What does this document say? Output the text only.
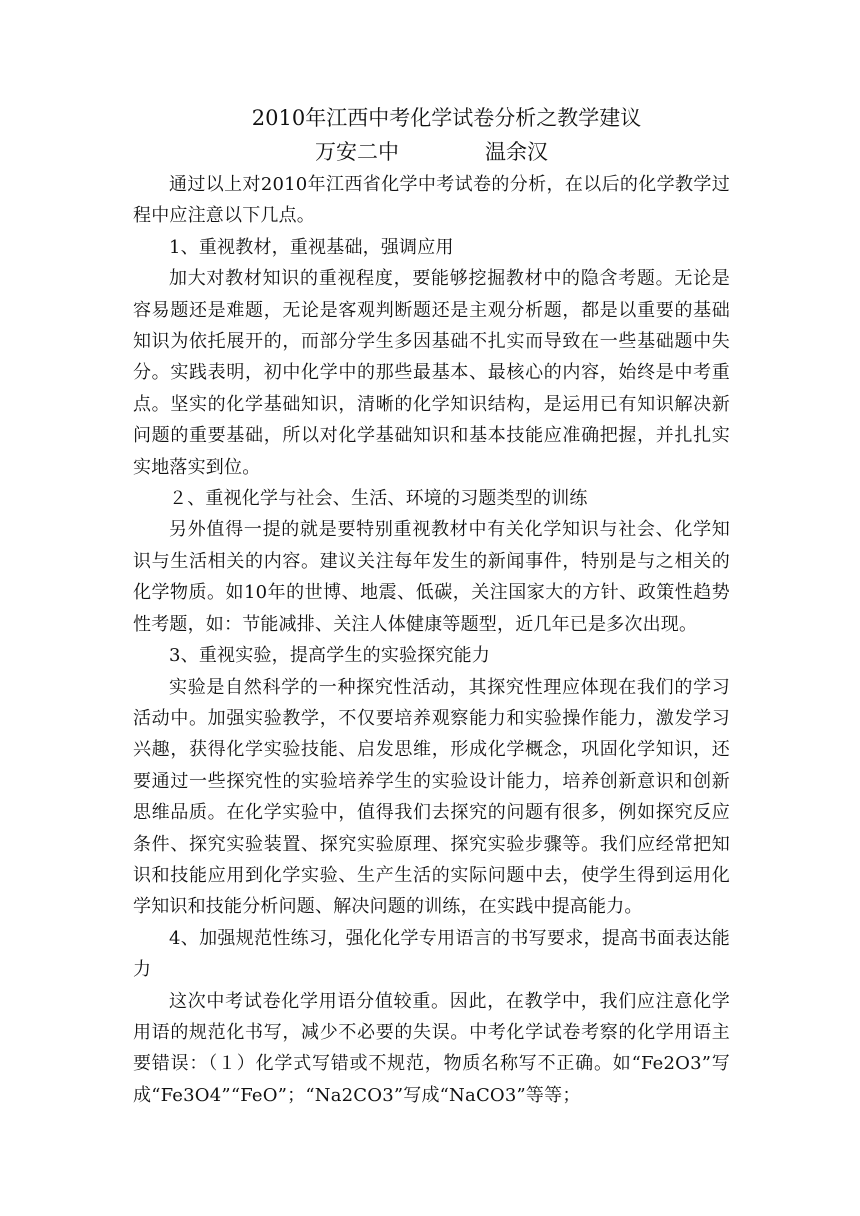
2010年江西中考化学试卷分析之教学建议
万安二中	温余汉

通过以上对2010年江西省化学中考试卷的分析，在以后的化学教学过程中应注意以下几点。

1、重视教材，重视基础，强调应用

加大对教材知识的重视程度，要能够挖掘教材中的隐含考题。无论是容易题还是难题，无论是客观判断题还是主观分析题，都是以重要的基础知识为依托展开的，而部分学生多因基础不扎实而导致在一些基础题中失分。实践表明，初中化学中的那些最基本、最核心的内容，始终是中考重点。坚实的化学基础知识，清晰的化学知识结构，是运用已有知识解决新问题的重要基础，所以对化学基础知识和基本技能应准确把握，并扎扎实实地落实到位。

２、重视化学与社会、生活、环境的习题类型的训练

另外值得一提的就是要特别重视教材中有关化学知识与社会、化学知识与生活相关的内容。建议关注每年发生的新闻事件，特别是与之相关的化学物质。如10年的世博、地震、低碳，关注国家大的方针、政策性趋势性考题，如：节能减排、关注人体健康等题型，近几年已是多次出现。

3、重视实验，提高学生的实验探究能力

实验是自然科学的一种探究性活动，其探究性理应体现在我们的学习活动中。加强实验教学，不仅要培养观察能力和实验操作能力，激发学习兴趣，获得化学实验技能、启发思维，形成化学概念，巩固化学知识，还要通过一些探究性的实验培养学生的实验设计能力，培养创新意识和创新思维品质。在化学实验中，值得我们去探究的问题有很多，例如探究反应条件、探究实验装置、探究实验原理、探究实验步骤等。我们应经常把知识和技能应用到化学实验、生产生活的实际问题中去，使学生得到运用化学知识和技能分析问题、解决问题的训练，在实践中提高能力。

4、加强规范性练习，强化化学专用语言的书写要求，提高书面表达能力

这次中考试卷化学用语分值较重。因此，在教学中，我们应注意化学用语的规范化书写，减少不必要的失误。中考化学试卷考察的化学用语主要错误：（１）化学式写错或不规范，物质名称写不正确。如“Fe2O3”写成“Fe3O4”“FeO”；“Na2CO3”写成“NaCO3”等等；
